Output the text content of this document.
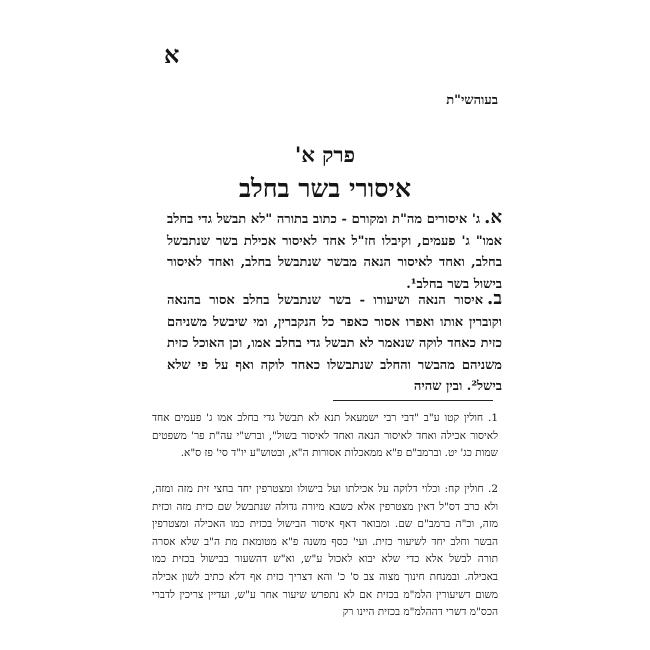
א
בעוהשי"ת
פרק א'
איסורי בשר בחלב
א.ג' איסורים מה"ת ומקורם - כתוב בתורה "לא תבשל גדי בחלב אמו" ג' פעמים, וקיבלו חז"ל אחד לאיסור אכילת בשר שנתבשל בחלב, ואחד לאיסור הנאה מבשר שנתבשל בחלב, ואחד לאיסור בישול בשר בחלב¹.
ב.איסור הנאה ושיעורו - בשר שנתבשל בחלב אסור בהנאה וקוברין אותו ואפרו אסור כאפר כל הנקברין, ומי שיבשל משניהם כזית כאחד לוקה שנאמר לא תבשל גדי בחלב אמו, וכן האוכל כזית משניהם מהבשר והחלב שנתבשלו כאחד לוקה ואף על פי שלא בישל². ובין שהיה
1. חולין קטו ע"ב "דבי רבי ישמעאל תנא לא תבשל גדי בחלב אמו ג' פעמים אחד לאיסור אכילה ואחד לאיסור הנאה ואחד לאיסור בשול", וברש"י עה"ת פר' משפטים שמות כג' יט. וברמב"ם פ"א ממאכלות אסורות ה"א, ובטוש"ע יו"ד סי' פז ס"א.
2. חולין קח: וכלוי דלוקה על אכילתו ועל בישולו ומצטרפין יחד בחצי זית מזה ומזה, ולא כרב דס"ל דאין מצטרפין אלא כשבא מיורה גדולה שנתבשל שם כזית מזה וכזית מזה, וכ"ה ברמב"ם שם. ומבואר דאף איסור הבישול בכזית כמו האכילה ומצטרפין הבשר וחלב יחד לשיעור כזית. ועי' כסף משנה פ"א מטומאת מת ה"ב שלא אסרה תורה לבשל אלא כדי שלא יבוא לאכול ע"ש, וא"ש דהשעור בבישול בכזית כמו באכילה. ובמנחת חינוך מצוה צב ס' כ' והא דצריך כזית אף דלא כתיב לשון אכילה משום דשיעורין הלמ"מ בכזית אם לא נתפרש שיעור אחר ע"ש, ועדיין צריכין לדברי הכס"מ דשרי דההלמ"מ בכזית היינו רק
